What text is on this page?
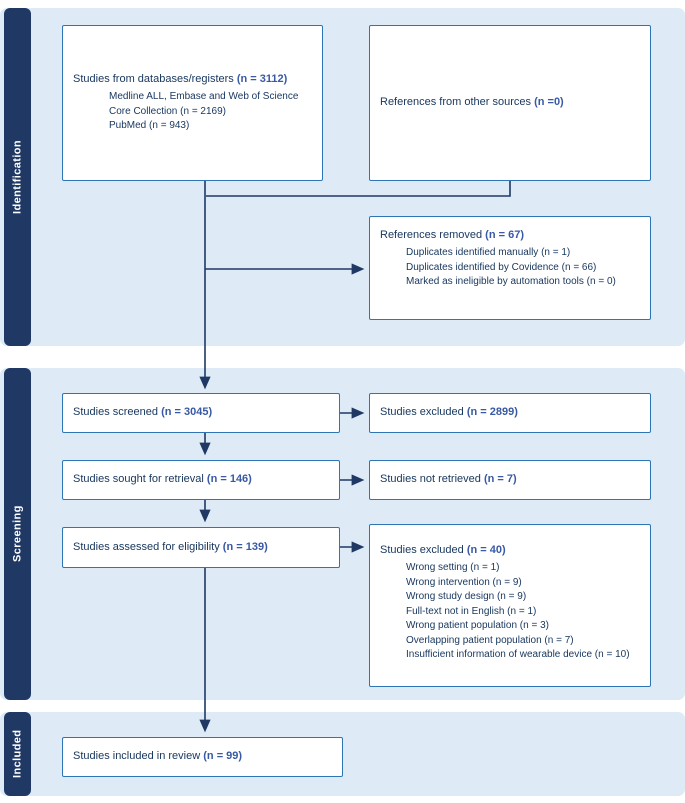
Identification
Screening
Included
Studies from databases/registers (n = 3112)
Medline ALL, Embase and Web of Science Core Collection (n = 2169)
PubMed (n = 943)
References from other sources (n =0)
References removed (n = 67)
Duplicates identified manually (n = 1)
Duplicates identified by Covidence (n = 66)
Marked as ineligible by automation tools (n = 0)
Studies screened (n = 3045)	Studies excluded (n = 2899)
Studies sought for retrieval (n = 146)	Studies not retrieved (n = 7)
Studies assessed for eligibility (n = 139)	Studies excluded (n = 40)
Wrong setting (n = 1)
Wrong intervention (n = 9)
Wrong study design (n = 9)
Full-text not in English (n = 1)
Wrong patient population (n = 3)
Overlapping patient population (n = 7)
Insufficient information of wearable device (n = 10)
Studies included in review (n = 99)
